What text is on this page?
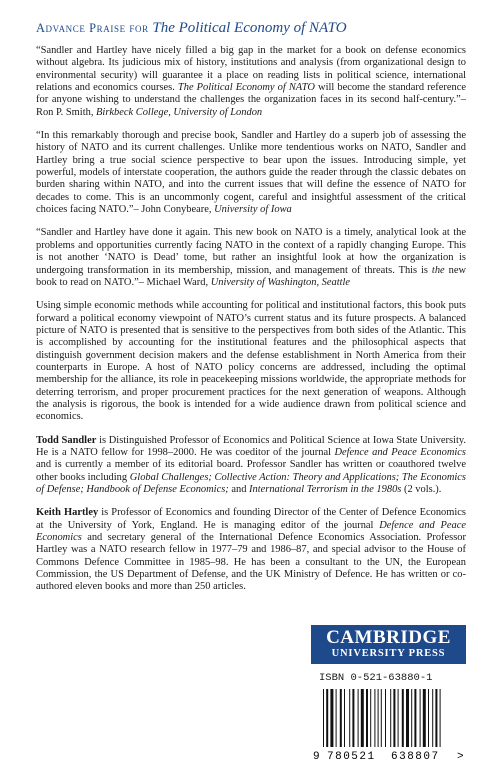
Advance Praise for The Political Economy of NATO

“Sandler and Hartley have nicely filled a big gap in the market for a book on defense economics without algebra. Its judicious mix of history, institutions and analysis (from organizational design to environmental security) will guarantee it a place on reading lists in political science, international relations and economics courses. The Political Economy of NATO will become the standard reference for anyone wishing to understand the challenges the organization faces in its second half-century.”– Ron P. Smith, Birkbeck College, University of London

“In this remarkably thorough and precise book, Sandler and Hartley do a superb job of assessing the history of NATO and its current challenges. Unlike more tendentious works on NATO, Sandler and Hartley bring a true social science perspective to bear upon the issues. Introducing simple, yet powerful, models of interstate cooperation, the authors guide the reader through the classic debates on burden sharing within NATO, and into the current issues that will define the essence of NATO for decades to come. This is an uncommonly cogent, careful and insightful assessment of the critical choices facing NATO.”– John Conybeare, University of Iowa

“Sandler and Hartley have done it again. This new book on NATO is a timely, analytical look at the problems and opportunities currently facing NATO in the context of a rapidly changing Europe. This is not another ‘NATO is Dead’ tome, but rather an insightful look at how the organization is undergoing transformation in its membership, mission, and management of threats. This is the new book to read on NATO.”– Michael Ward, University of Washington, Seattle

Using simple economic methods while accounting for political and institutional factors, this book puts forward a political economy viewpoint of NATO’s current status and its future prospects. A balanced picture of NATO is presented that is sensitive to the perspectives from both sides of the Atlantic. This is accomplished by accounting for the institutional features and the philosophical aspects that distinguish government decision makers and the defense establishment in North America from their counterparts in Europe. A host of NATO policy concerns are addressed, including the optimal membership for the alliance, its role in peacekeeping missions worldwide, the appropriate methods for deterring terrorism, and proper procurement practices for the next generation of weapons. Although the analysis is rigorous, the book is intended for a wide audience drawn from political science and economics.

Todd Sandler is Distinguished Professor of Economics and Political Science at Iowa State University. He is a NATO fellow for 1998–2000. He was coeditor of the journal Defence and Peace Economics and is currently a member of its editorial board. Professor Sandler has written or coauthored twelve other books including Global Challenges; Collective Action: Theory and Applications; The Economics of Defense; Handbook of Defense Economics; and International Terrorism in the 1980s (2 vols.).

Keith Hartley is Professor of Economics and founding Director of the Center of Defence Economics at the University of York, England. He is managing editor of the journal Defence and Peace Economics and secretary general of the International Defence Economics Association. Professor Hartley was a NATO research fellow in 1977–79 and 1986–87, and special advisor to the House of Commons Defence Committee in 1985–98. He has been a consultant to the UN, the European Commission, the US Department of Defense, and the UK Ministry of Defence. He has written or co-authored eleven books and more than 250 articles.

CAMBRIDGE
UNIVERSITY PRESS
ISBN 0-521-63880-1
9 780521 638807 >
